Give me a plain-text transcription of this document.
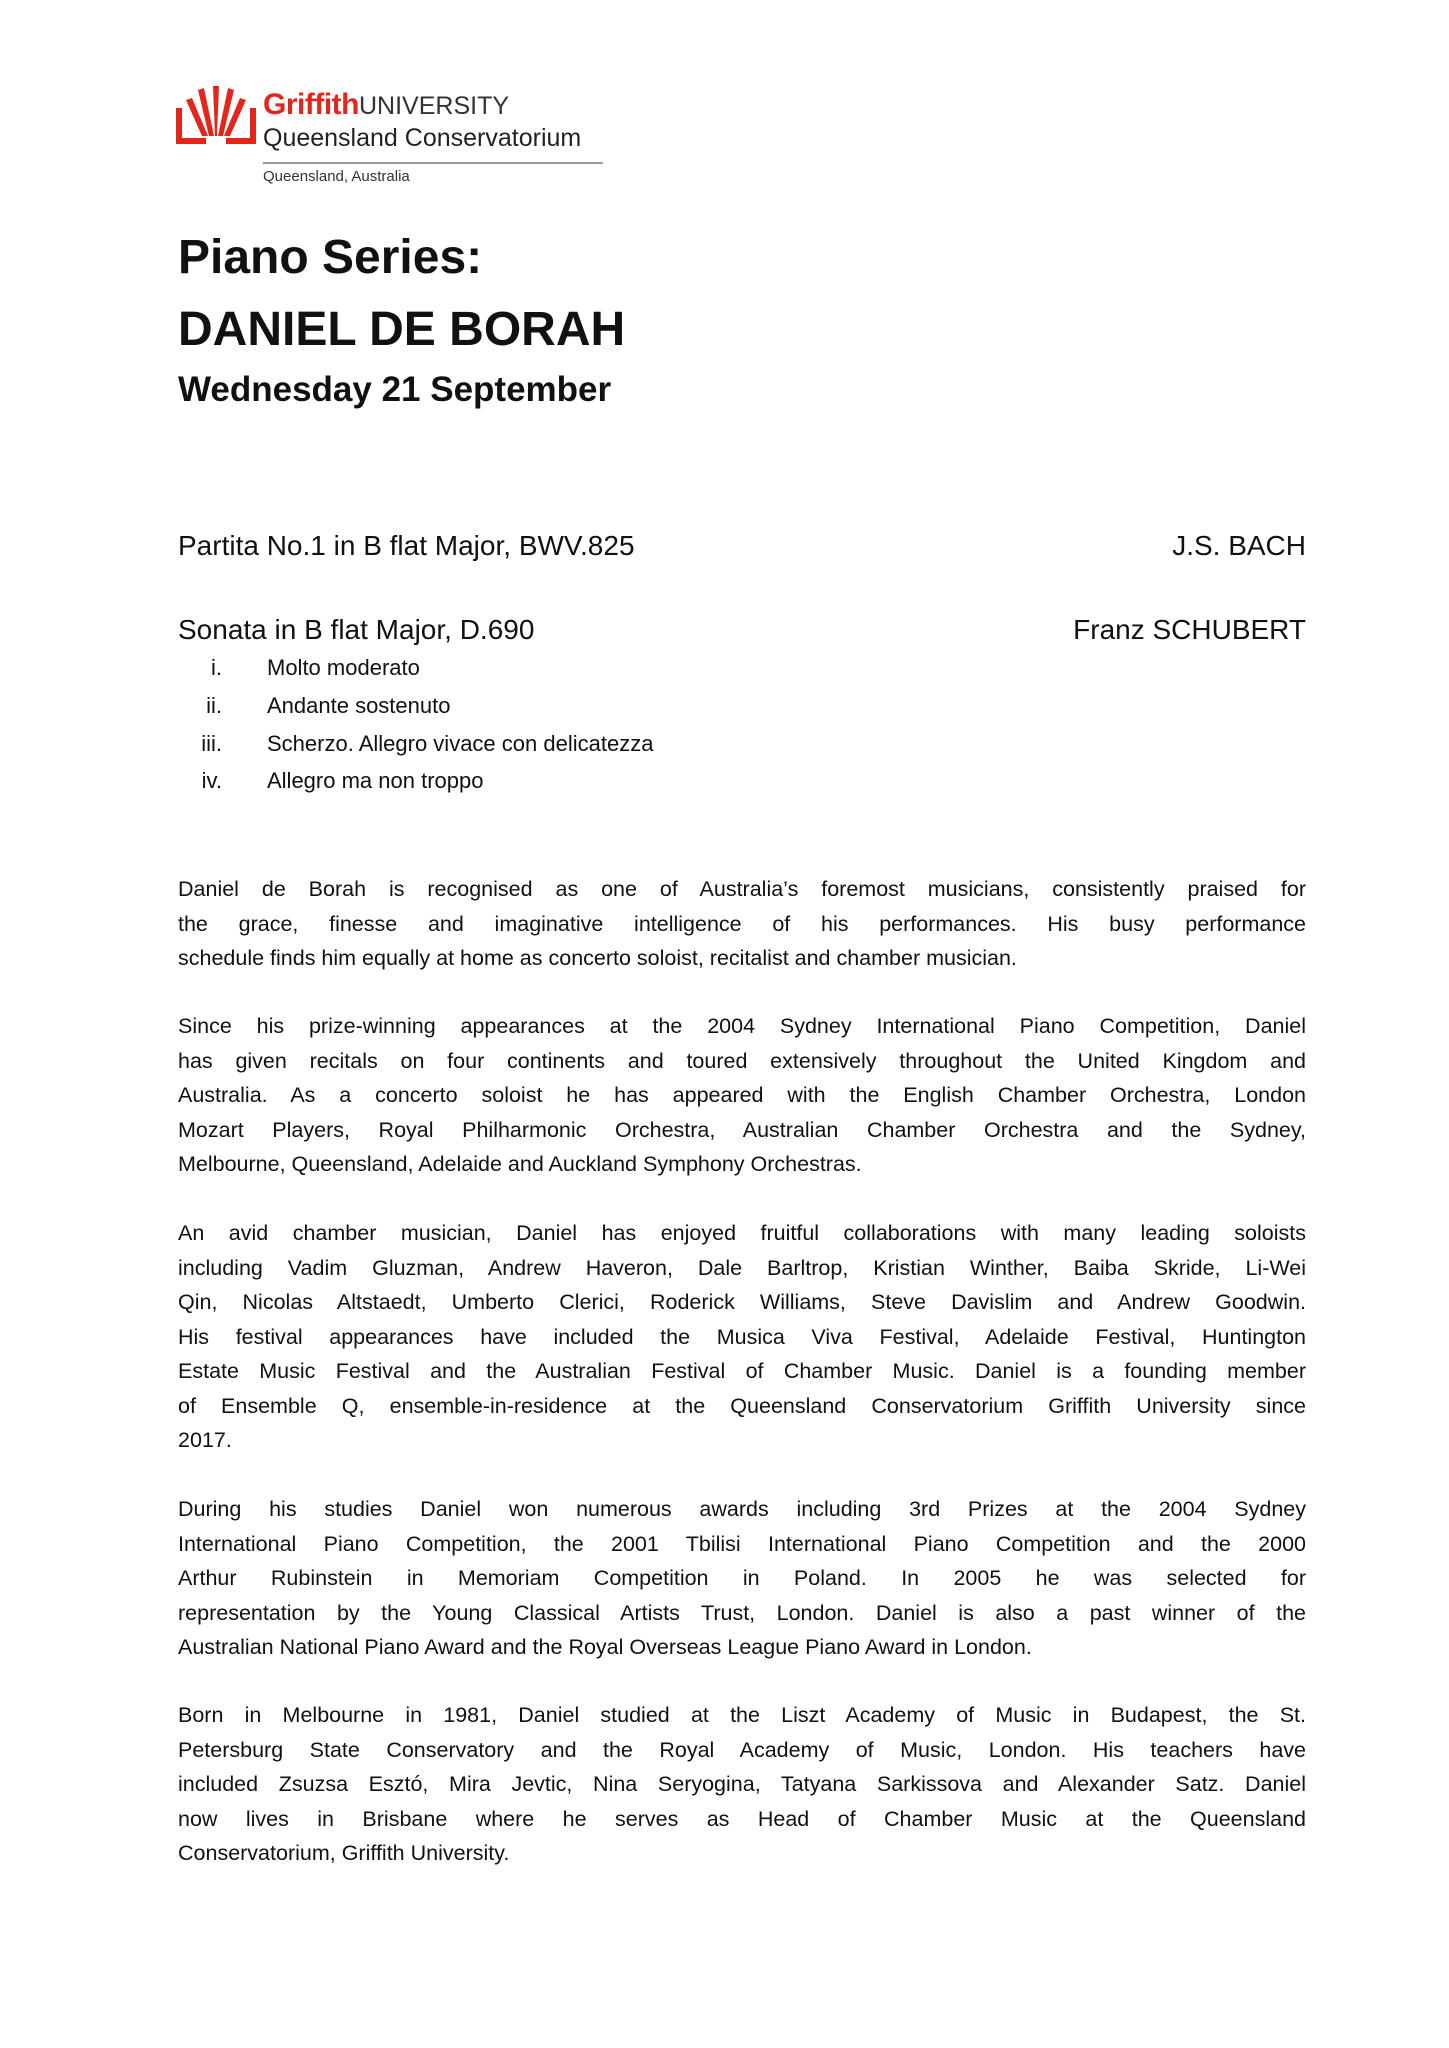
GriffithUNIVERSITY
Queensland Conservatorium
Queensland, Australia
Piano Series:
DANIEL DE BORAH
Wednesday 21 September
Partita No.1 in B flat Major, BWV.825	J.S. BACH
Sonata in B flat Major, D.690	Franz SCHUBERT
i. Molto moderato
ii. Andante sostenuto
iii. Scherzo. Allegro vivace con delicatezza
iv. Allegro ma non troppo
Daniel de Borah is recognised as one of Australia’s foremost musicians, consistently praised for
the grace, finesse and imaginative intelligence of his performances. His busy performance
schedule finds him equally at home as concerto soloist, recitalist and chamber musician.
Since his prize-winning appearances at the 2004 Sydney International Piano Competition, Daniel
has given recitals on four continents and toured extensively throughout the United Kingdom and
Australia. As a concerto soloist he has appeared with the English Chamber Orchestra, London
Mozart Players, Royal Philharmonic Orchestra, Australian Chamber Orchestra and the Sydney,
Melbourne, Queensland, Adelaide and Auckland Symphony Orchestras.
An avid chamber musician, Daniel has enjoyed fruitful collaborations with many leading soloists
including Vadim Gluzman, Andrew Haveron, Dale Barltrop, Kristian Winther, Baiba Skride, Li-Wei
Qin, Nicolas Altstaedt, Umberto Clerici, Roderick Williams, Steve Davislim and Andrew Goodwin.
His festival appearances have included the Musica Viva Festival, Adelaide Festival, Huntington
Estate Music Festival and the Australian Festival of Chamber Music. Daniel is a founding member
of Ensemble Q, ensemble-in-residence at the Queensland Conservatorium Griffith University since
2017.
During his studies Daniel won numerous awards including 3rd Prizes at the 2004 Sydney
International Piano Competition, the 2001 Tbilisi International Piano Competition and the 2000
Arthur Rubinstein in Memoriam Competition in Poland. In 2005 he was selected for
representation by the Young Classical Artists Trust, London. Daniel is also a past winner of the
Australian National Piano Award and the Royal Overseas League Piano Award in London.
Born in Melbourne in 1981, Daniel studied at the Liszt Academy of Music in Budapest, the St.
Petersburg State Conservatory and the Royal Academy of Music, London. His teachers have
included Zsuzsa Esztó, Mira Jevtic, Nina Seryogina, Tatyana Sarkissova and Alexander Satz. Daniel
now lives in Brisbane where he serves as Head of Chamber Music at the Queensland
Conservatorium, Griffith University.
